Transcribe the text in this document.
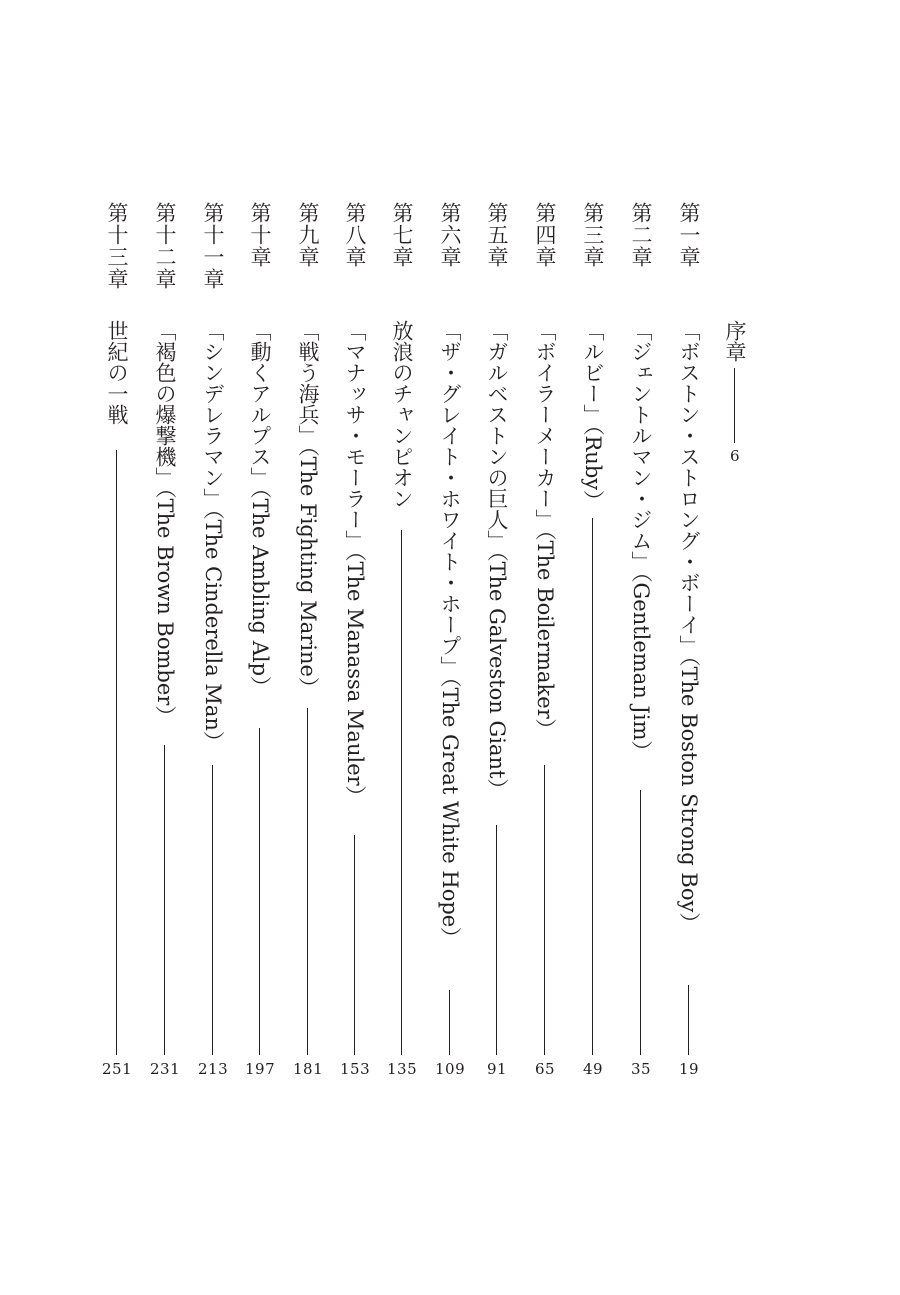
序章
6
第一章
「ボストン・ストロング・ボーイ」（The Boston Strong Boy）
19
第二章
「ジェントルマン・ジム」（Gentleman Jim）
35
第三章
「ルビー」（Ruby）
49
第四章
「ボイラーメーカー」（The Boilermaker）
65
第五章
「ガルベストンの巨人」（The Galveston Giant）
91
第六章
「ザ・グレイト・ホワイト・ホープ」（The Great White Hope）
109
第七章
放浪のチャンピオン
135
第八章
「マナッサ・モーラー」（The Manassa Mauler）
153
第九章
「戦う海兵」（The Fighting Marine）
181
第十章
「動くアルプス」（The Ambling Alp）
197
第十一章
「シンデレラマン」（The Cinderella Man）
213
第十二章
「褐色の爆撃機」（The Brown Bomber）
231
第十三章
世紀の一戦
251
